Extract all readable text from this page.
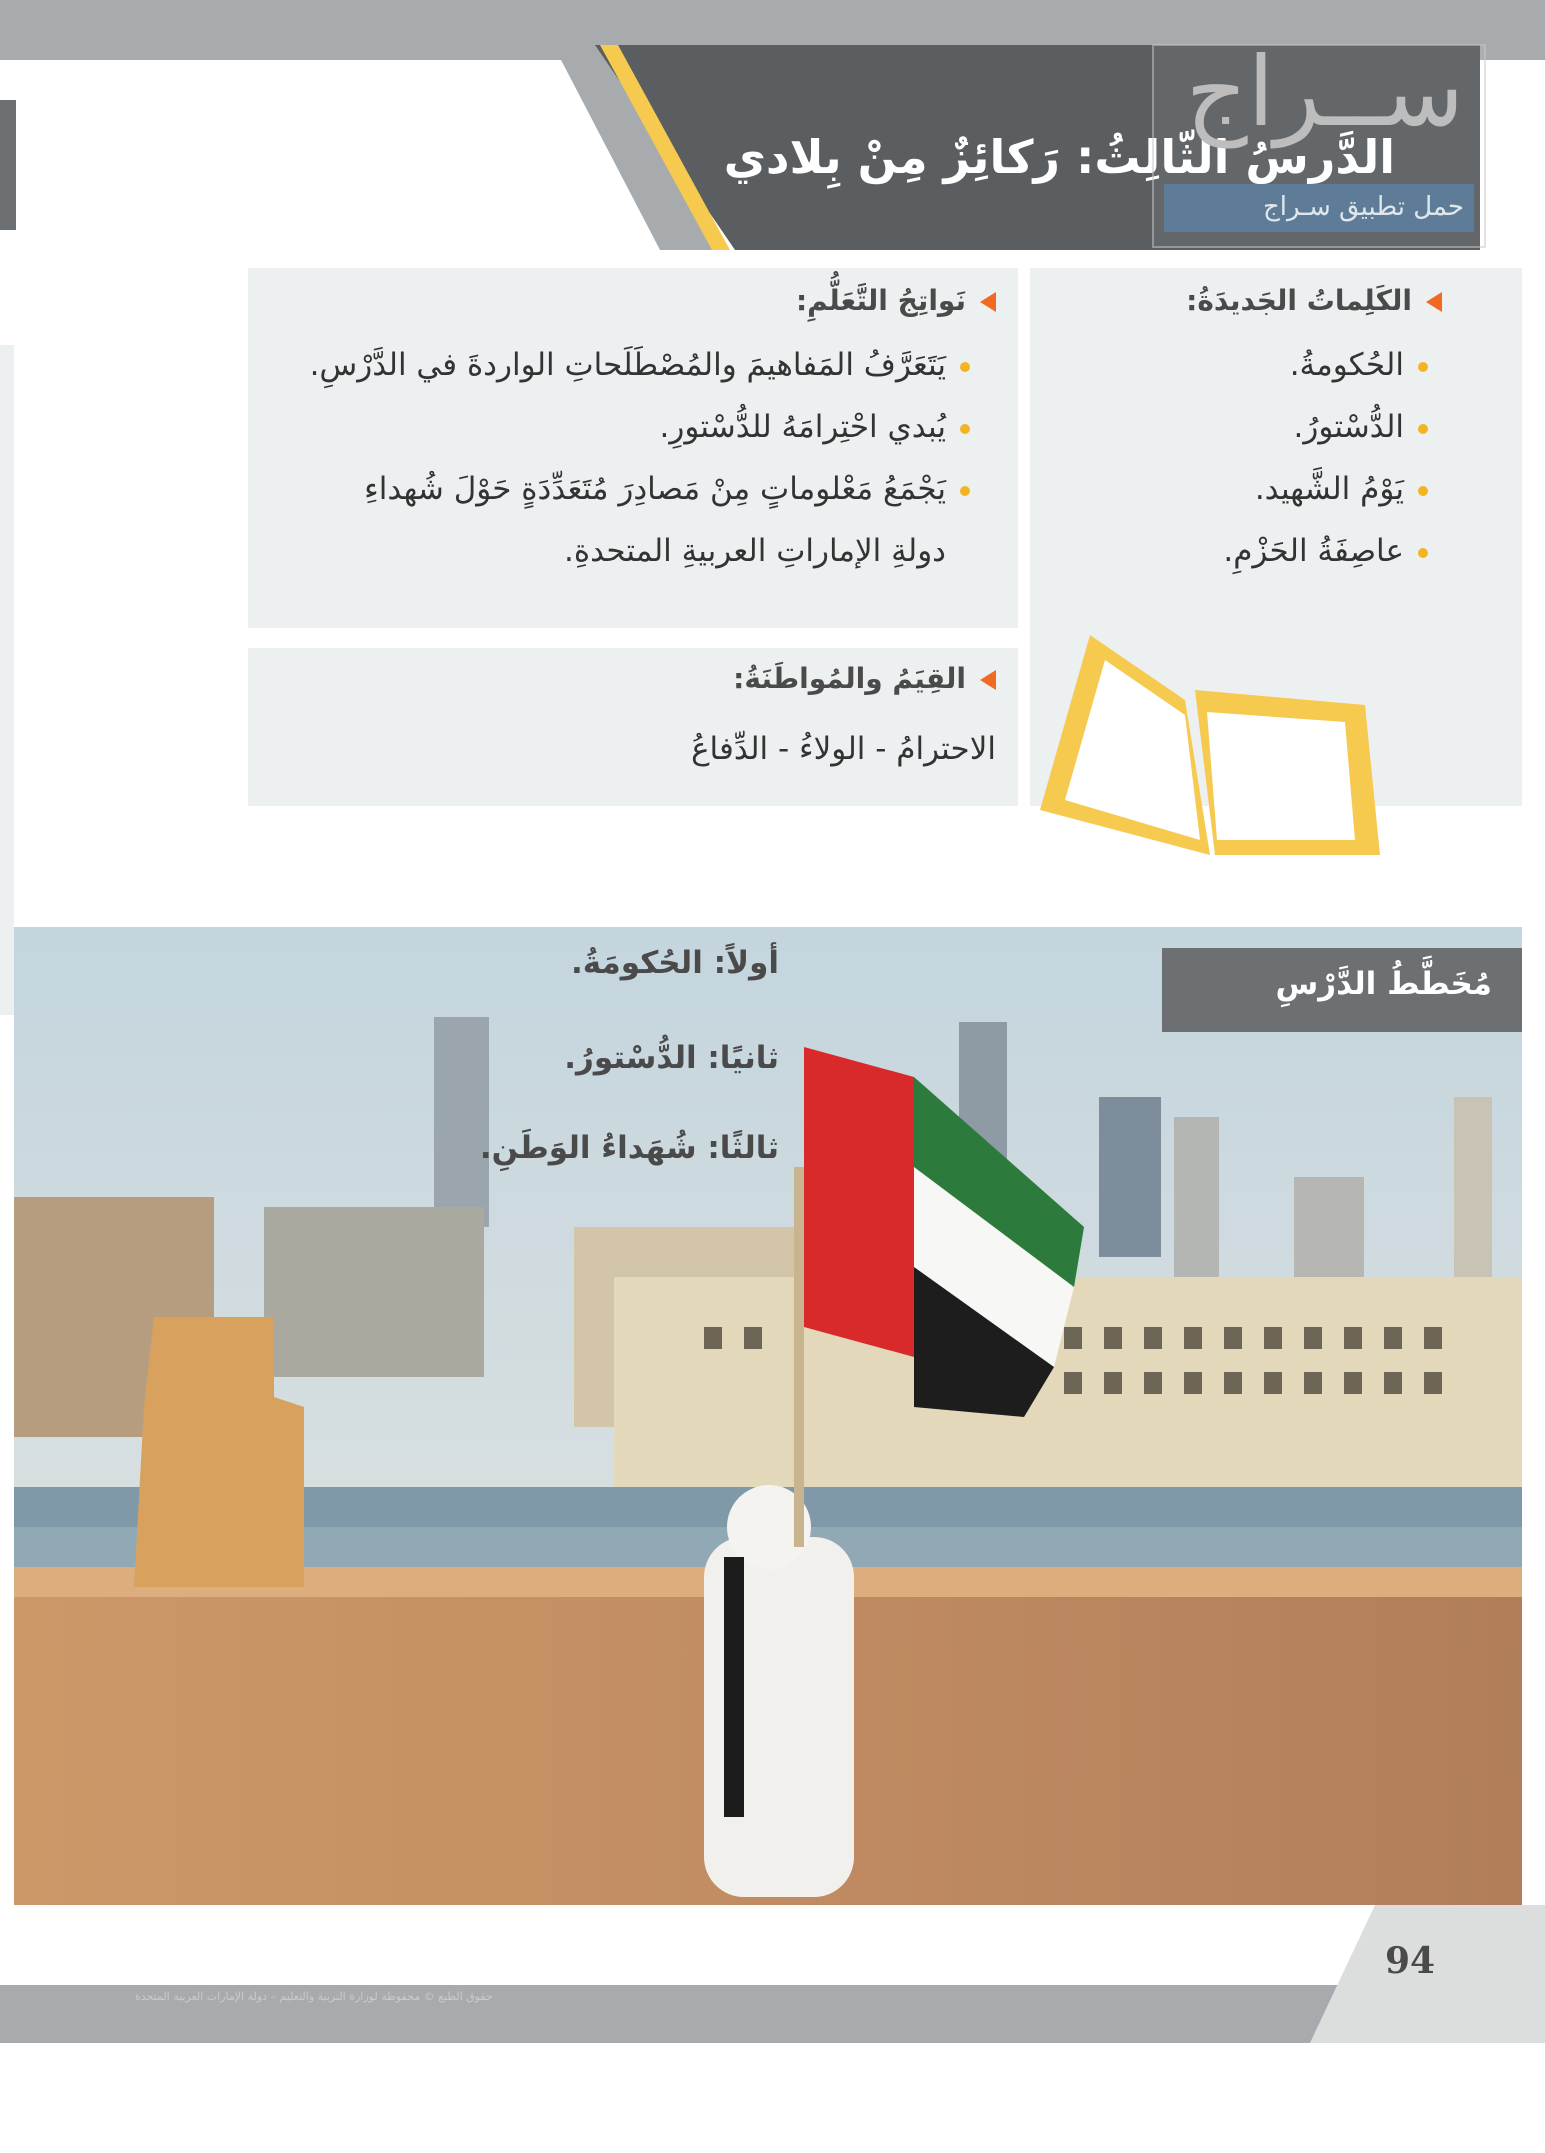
الدَّرسُ الثّالِثُ: رَكائِزٌ مِنْ بِلادي
ســراج
حمل تطبيق سـراج
الكَلِماتُ الجَديدَةُ:
الحُكومةُ.
الدُّسْتورُ.
يَوْمُ الشَّهيد.
عاصِفَةُ الحَزْمِ.
نَواتِجُ التَّعَلُّمِ:
يَتَعَرَّفُ المَفاهيمَ والمُصْطَلَحاتِ الواردةَ في الدَّرْسِ.
يُبدي احْتِرامَهُ للدُّسْتورِ.
يَجْمَعُ مَعْلوماتٍ مِنْ مَصادِرَ مُتَعَدِّدَةٍ حَوْلَ شُهداءِ
دولةِ الإماراتِ العربيةِ المتحدةِ.
القِيَمُ والمُواطَنَةُ:
الاحترامُ - الولاءُ - الدِّفاعُ
مُخَطَّطُ الدَّرْسِ
أولاً: الحُكومَةُ.
ثانيًا: الدُّسْتورُ.
ثالثًا: شُهَداءُ الوَطَنِ.
94
حقوق الطبع © محفوظة لوزارة التربية والتعليم – دولة الإمارات العربية المتحدة
